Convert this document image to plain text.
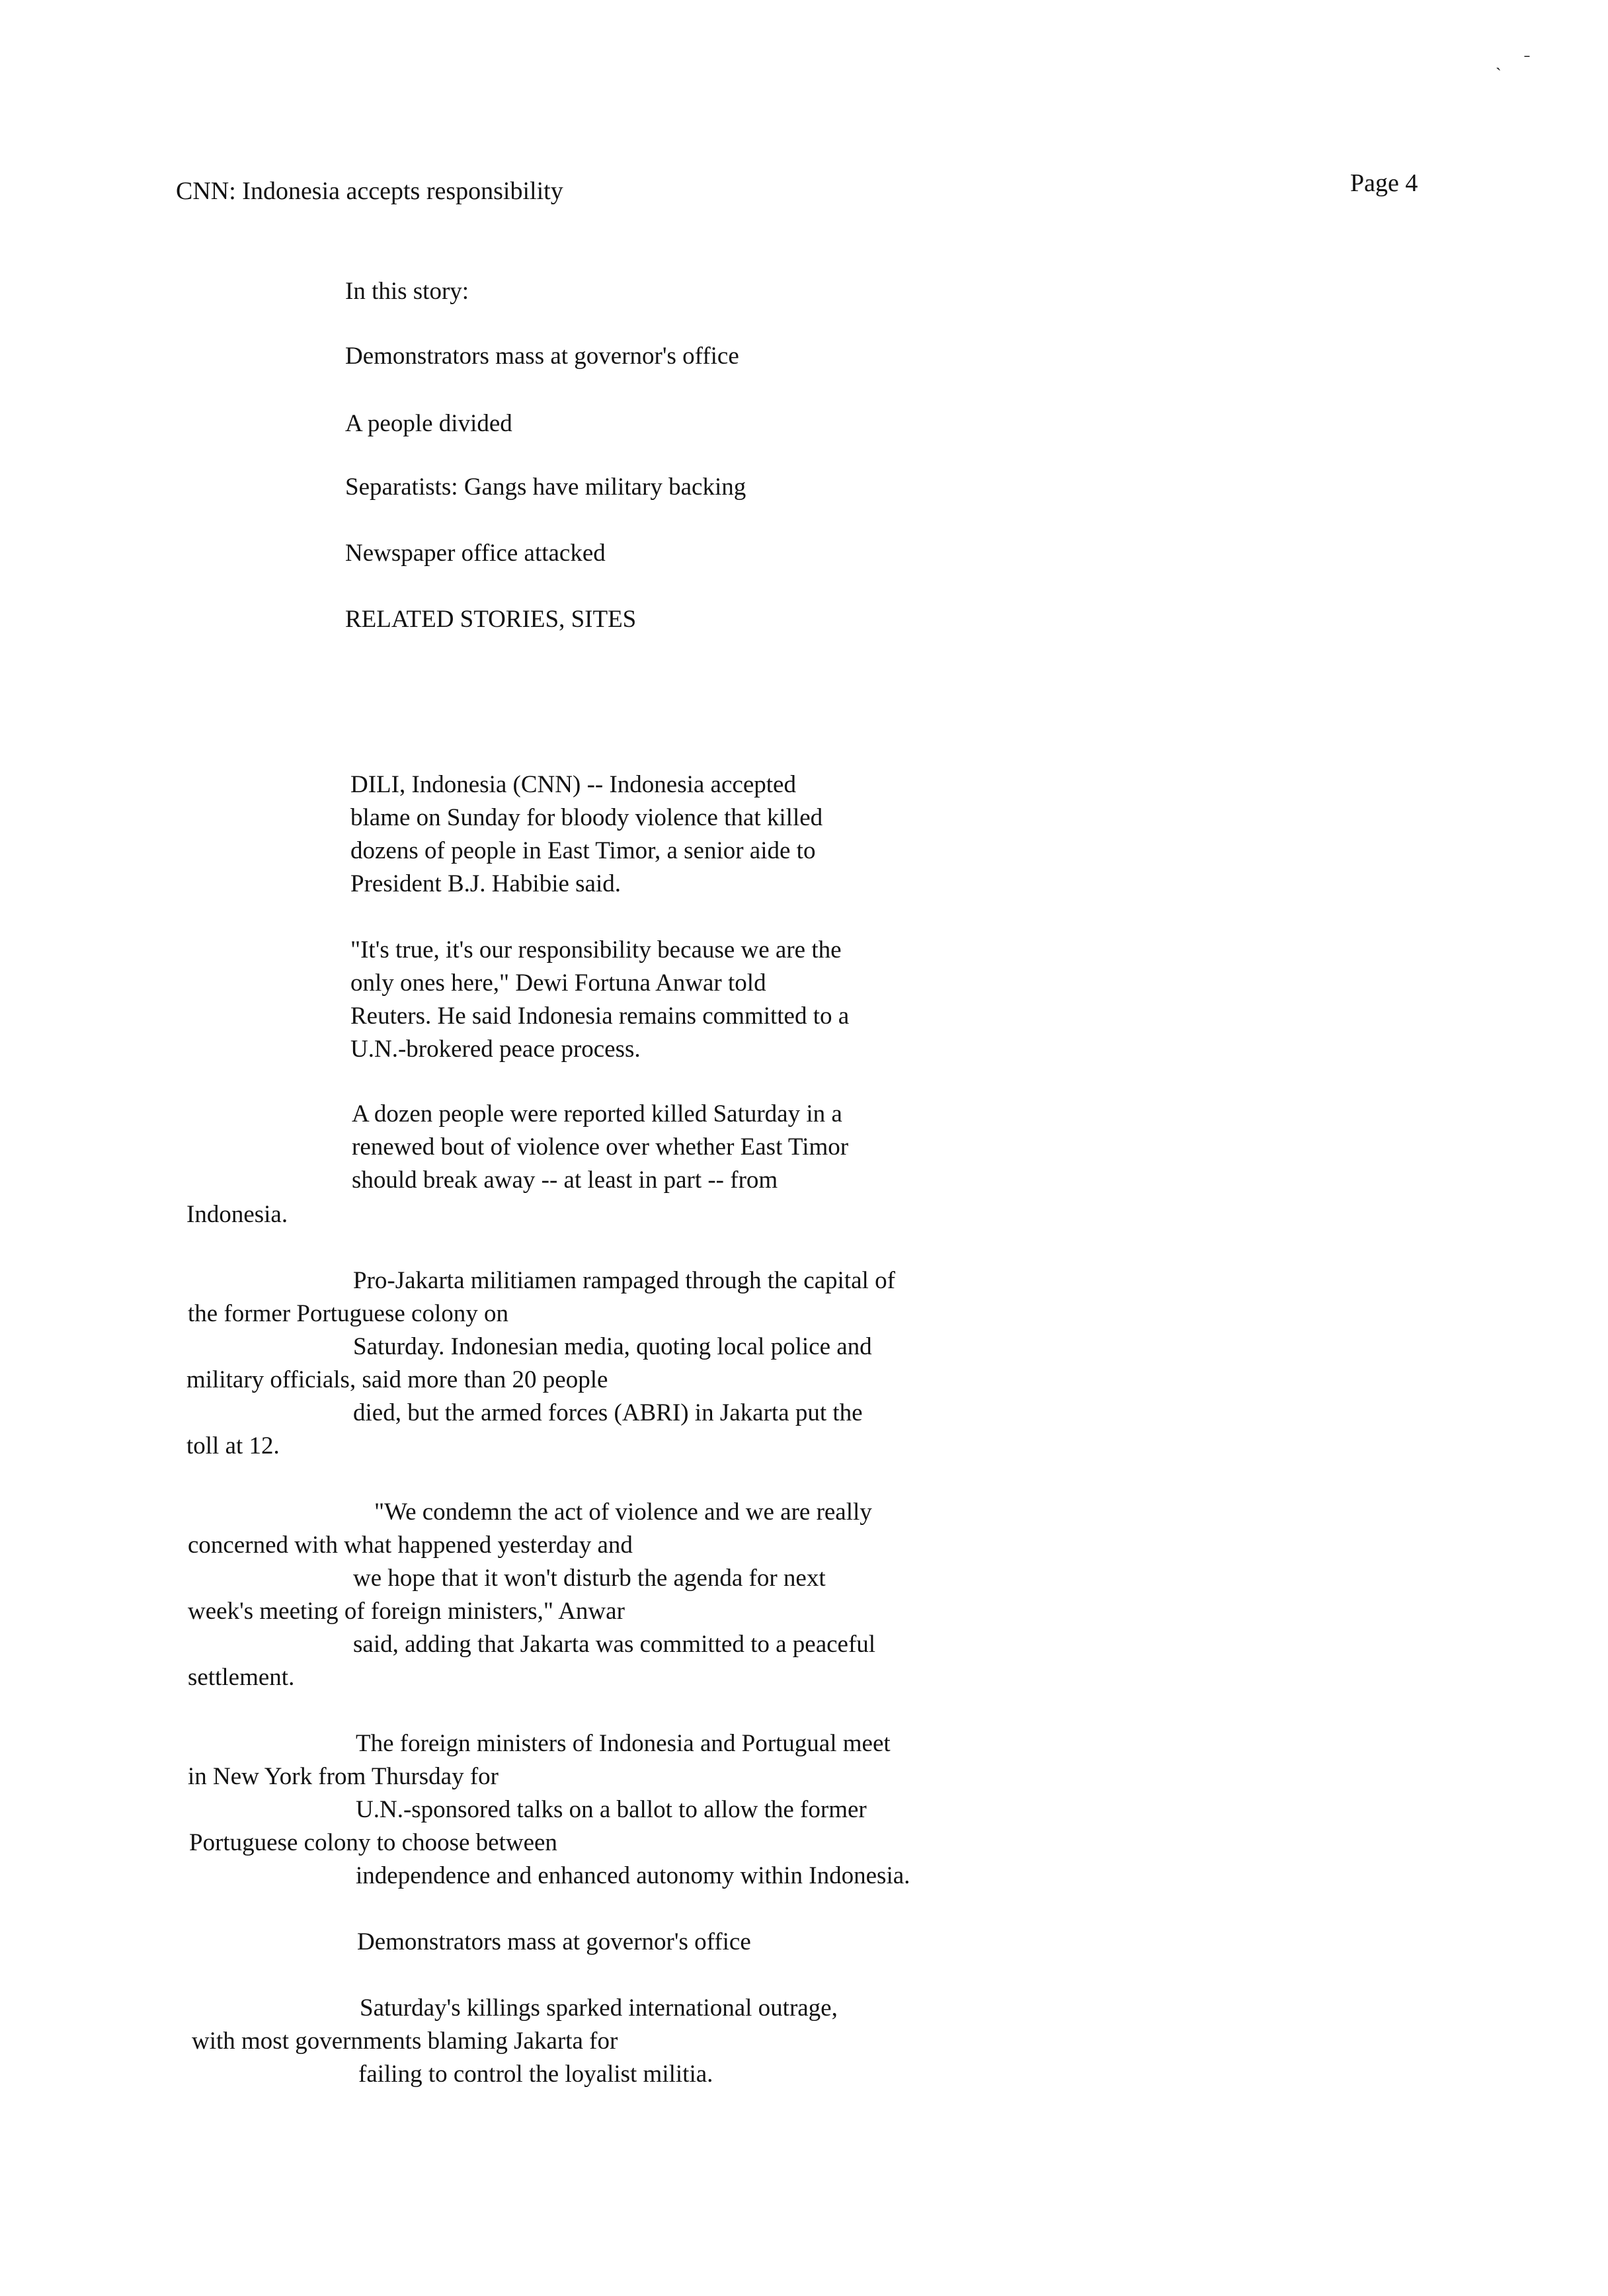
CNN: Indonesia accepts responsibility	Page 4
ˏ ˉ
In this story:
Demonstrators mass at governor's office
A people divided
Separatists: Gangs have military backing
Newspaper office attacked
RELATED STORIES, SITES
DILI, Indonesia (CNN) -- Indonesia accepted
blame on Sunday for bloody violence that killed
dozens of people in East Timor, a senior aide to
President B.J. Habibie said.
"It's true, it's our responsibility because we are the
only ones here," Dewi Fortuna Anwar told
Reuters. He said Indonesia remains committed to a
U.N.-brokered peace process.
A dozen people were reported killed Saturday in a
renewed bout of violence over whether East Timor
should break away -- at least in part -- from
Indonesia.
Pro-Jakarta militiamen rampaged through the capital of
the former Portuguese colony on
Saturday. Indonesian media, quoting local police and
military officials, said more than 20 people
died, but the armed forces (ABRI) in Jakarta put the
toll at 12.
"We condemn the act of violence and we are really
concerned with what happened yesterday and
we hope that it won't disturb the agenda for next
week's meeting of foreign ministers," Anwar
said, adding that Jakarta was committed to a peaceful
settlement.
The foreign ministers of Indonesia and Portugual meet
in New York from Thursday for
U.N.-sponsored talks on a ballot to allow the former
Portuguese colony to choose between
independence and enhanced autonomy within Indonesia.
Demonstrators mass at governor's office
Saturday's killings sparked international outrage,
with most governments blaming Jakarta for
failing to control the loyalist militia.
